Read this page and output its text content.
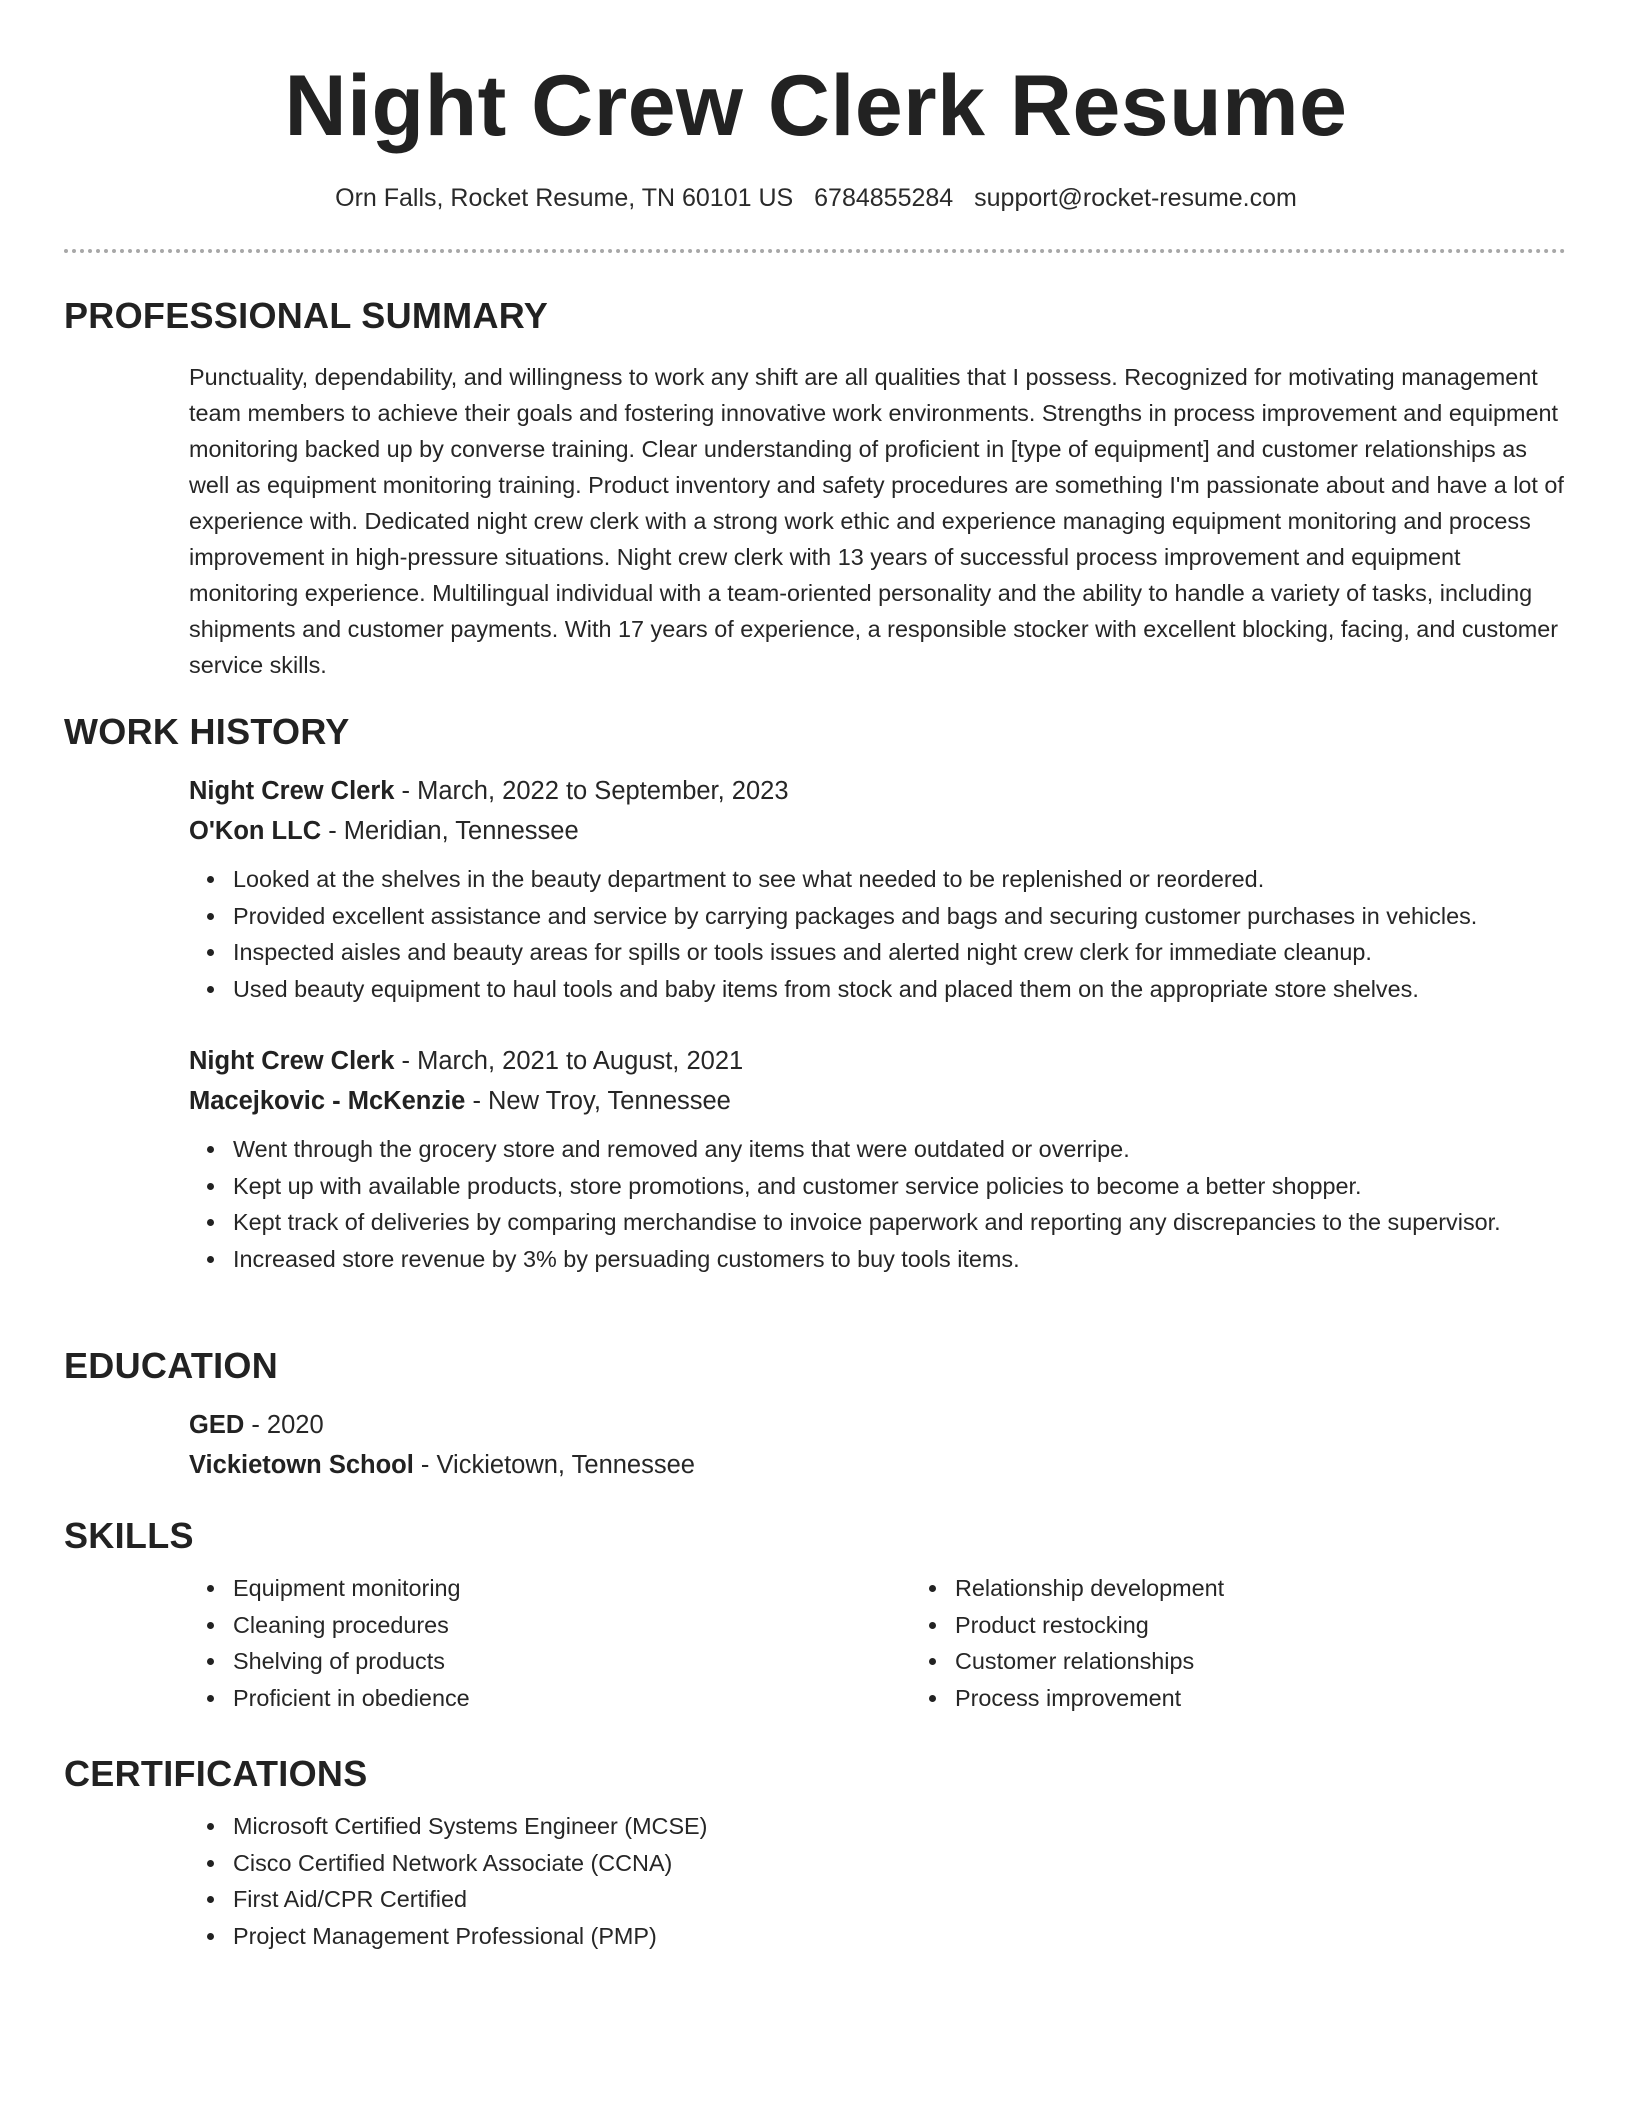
Night Crew Clerk Resume
Orn Falls, Rocket Resume, TN 60101 US 6784855284 support@rocket-resume.com
PROFESSIONAL SUMMARY
Punctuality, dependability, and willingness to work any shift are all qualities that I possess. Recognized for motivating management team members to achieve their goals and fostering innovative work environments. Strengths in process improvement and equipment monitoring backed up by converse training. Clear understanding of proficient in [type of equipment] and customer relationships as well as equipment monitoring training. Product inventory and safety procedures are something I'm passionate about and have a lot of experience with. Dedicated night crew clerk with a strong work ethic and experience managing equipment monitoring and process improvement in high-pressure situations. Night crew clerk with 13 years of successful process improvement and equipment monitoring experience. Multilingual individual with a team-oriented personality and the ability to handle a variety of tasks, including shipments and customer payments. With 17 years of experience, a responsible stocker with excellent blocking, facing, and customer service skills.
WORK HISTORY
Night Crew Clerk - March, 2022 to September, 2023
O'Kon LLC - Meridian, Tennessee
Looked at the shelves in the beauty department to see what needed to be replenished or reordered.
Provided excellent assistance and service by carrying packages and bags and securing customer purchases in vehicles.
Inspected aisles and beauty areas for spills or tools issues and alerted night crew clerk for immediate cleanup.
Used beauty equipment to haul tools and baby items from stock and placed them on the appropriate store shelves.
Night Crew Clerk - March, 2021 to August, 2021
Macejkovic - McKenzie - New Troy, Tennessee
Went through the grocery store and removed any items that were outdated or overripe.
Kept up with available products, store promotions, and customer service policies to become a better shopper.
Kept track of deliveries by comparing merchandise to invoice paperwork and reporting any discrepancies to the supervisor.
Increased store revenue by 3% by persuading customers to buy tools items.
EDUCATION
GED - 2020
Vickietown School - Vickietown, Tennessee
SKILLS
Equipment monitoring
Cleaning procedures
Shelving of products
Proficient in obedience
Relationship development
Product restocking
Customer relationships
Process improvement
CERTIFICATIONS
Microsoft Certified Systems Engineer (MCSE)
Cisco Certified Network Associate (CCNA)
First Aid/CPR Certified
Project Management Professional (PMP)
